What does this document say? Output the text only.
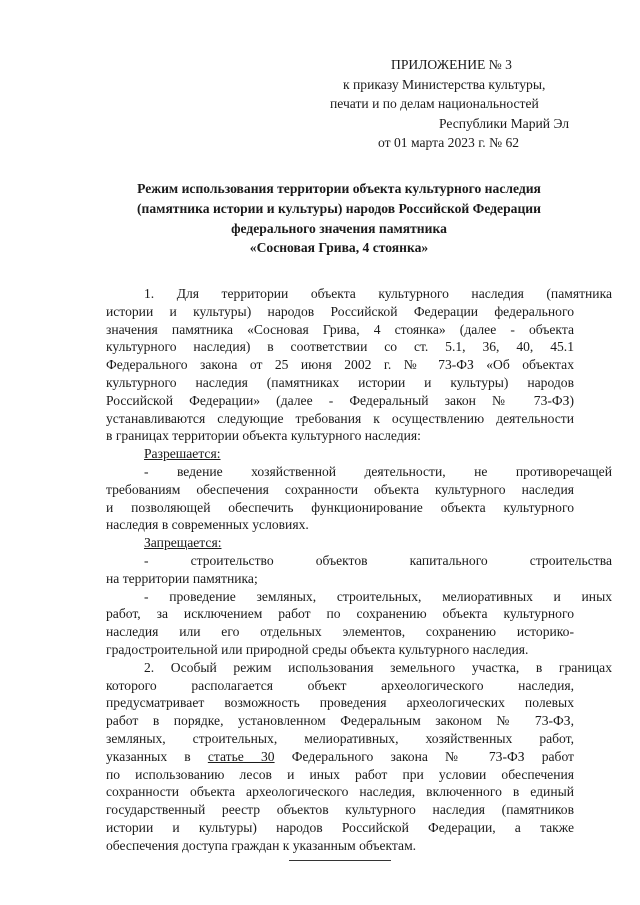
ПРИЛОЖЕНИЕ № 3
к приказу Министерства культуры,
печати и по делам национальностей
Республики Марий Эл
от 01 марта 2023 г. № 62
Режим использования территории объекта культурного наследия
(памятника истории и культуры) народов Российской Федерации
федерального значения памятника
«Сосновая Грива, 4 стоянка»
1. Для территории объекта культурного наследия (памятника
истории и культуры) народов Российской Федерации федерального
значения памятника «Сосновая Грива, 4 стоянка» (далее - объекта
культурного наследия) в соответствии со ст. 5.1, 36, 40, 45.1
Федерального закона от 25 июня 2002 г. № 73-ФЗ «Об объектах
культурного наследия (памятниках истории и культуры) народов
Российской Федерации» (далее - Федеральный закон № 73-ФЗ)
устанавливаются следующие требования к осуществлению деятельности
в границах территории объекта культурного наследия:
Разрешается:
- ведение хозяйственной деятельности, не противоречащей
требованиям обеспечения сохранности объекта культурного наследия
и позволяющей обеспечить функционирование объекта культурного
наследия в современных условиях.
Запрещается:
- строительство объектов капитального строительства
на территории памятника;
- проведение земляных, строительных, мелиоративных и иных
работ, за исключением работ по сохранению объекта культурного
наследия или его отдельных элементов, сохранению историко-
градостроительной или природной среды объекта культурного наследия.
2. Особый режим использования земельного участка, в границах
которого располагается объект археологического наследия,
предусматривает возможность проведения археологических полевых
работ в порядке, установленном Федеральным законом № 73-ФЗ,
земляных, строительных, мелиоративных, хозяйственных работ,
указанных в статье 30 Федерального закона № 73-ФЗ работ
по использованию лесов и иных работ при условии обеспечения
сохранности объекта археологического наследия, включенного в единый
государственный реестр объектов культурного наследия (памятников
истории и культуры) народов Российской Федерации, а также
обеспечения доступа граждан к указанным объектам.
